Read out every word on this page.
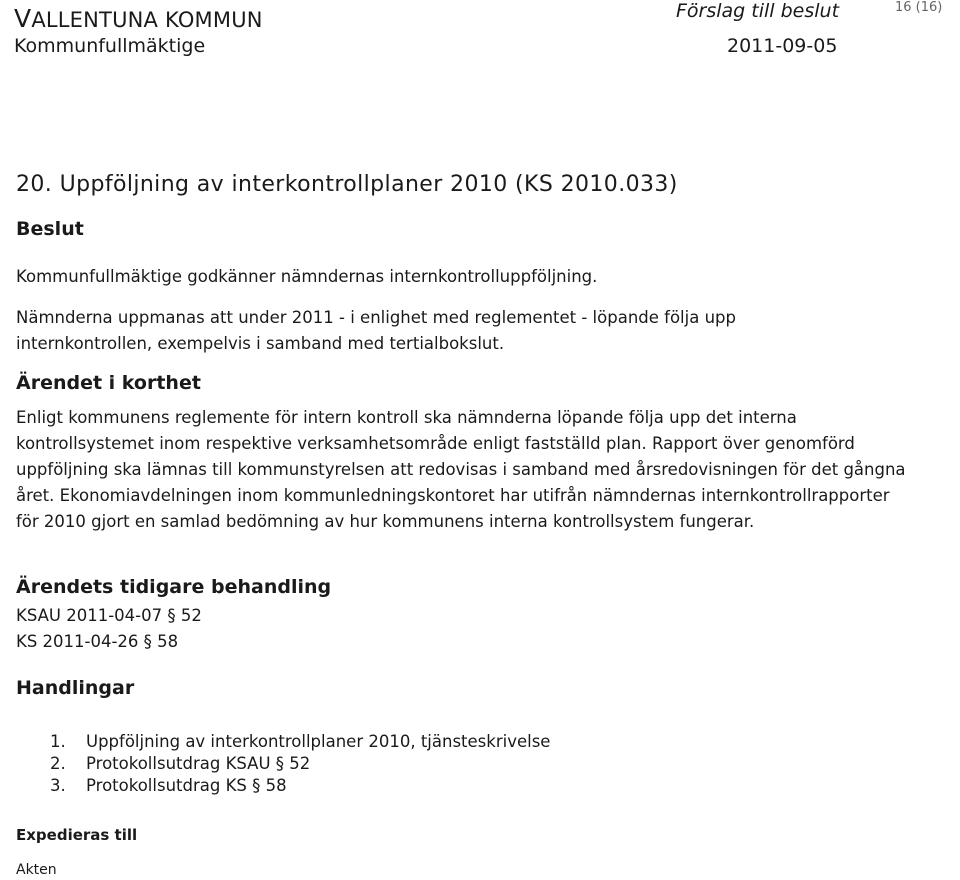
VALLENTUNA KOMMUN
Kommunfullmäktige
Förslag till beslut
2011-09-05
16 (16)
20. Uppföljning av interkontrollplaner 2010 (KS 2010.033)
Beslut
Kommunfullmäktige godkänner nämndernas internkontrolluppföljning.
Nämnderna uppmanas att under 2011 - i enlighet med reglementet - löpande följa upp
internkontrollen, exempelvis i samband med tertialbokslut.
Ärendet i korthet
Enligt kommunens reglemente för intern kontroll ska nämnderna löpande följa upp det interna kontrollsystemet inom respektive verksamhetsområde enligt fastställd plan. Rapport över genomförd uppföljning ska lämnas till kommunstyrelsen att redovisas i samband med årsredovisningen för det gångna året. Ekonomiavdelningen inom kommunledningskontoret har utifrån nämndernas internkontrollrapporter för 2010 gjort en samlad bedömning av hur kommunens interna kontrollsystem fungerar.
Ärendets tidigare behandling
KSAU 2011-04-07 § 52
KS 2011-04-26 § 58
Handlingar
1. Uppföljning av interkontrollplaner 2010, tjänsteskrivelse
2. Protokollsutdrag KSAU § 52
3. Protokollsutdrag KS § 58
Expedieras till
Akten
